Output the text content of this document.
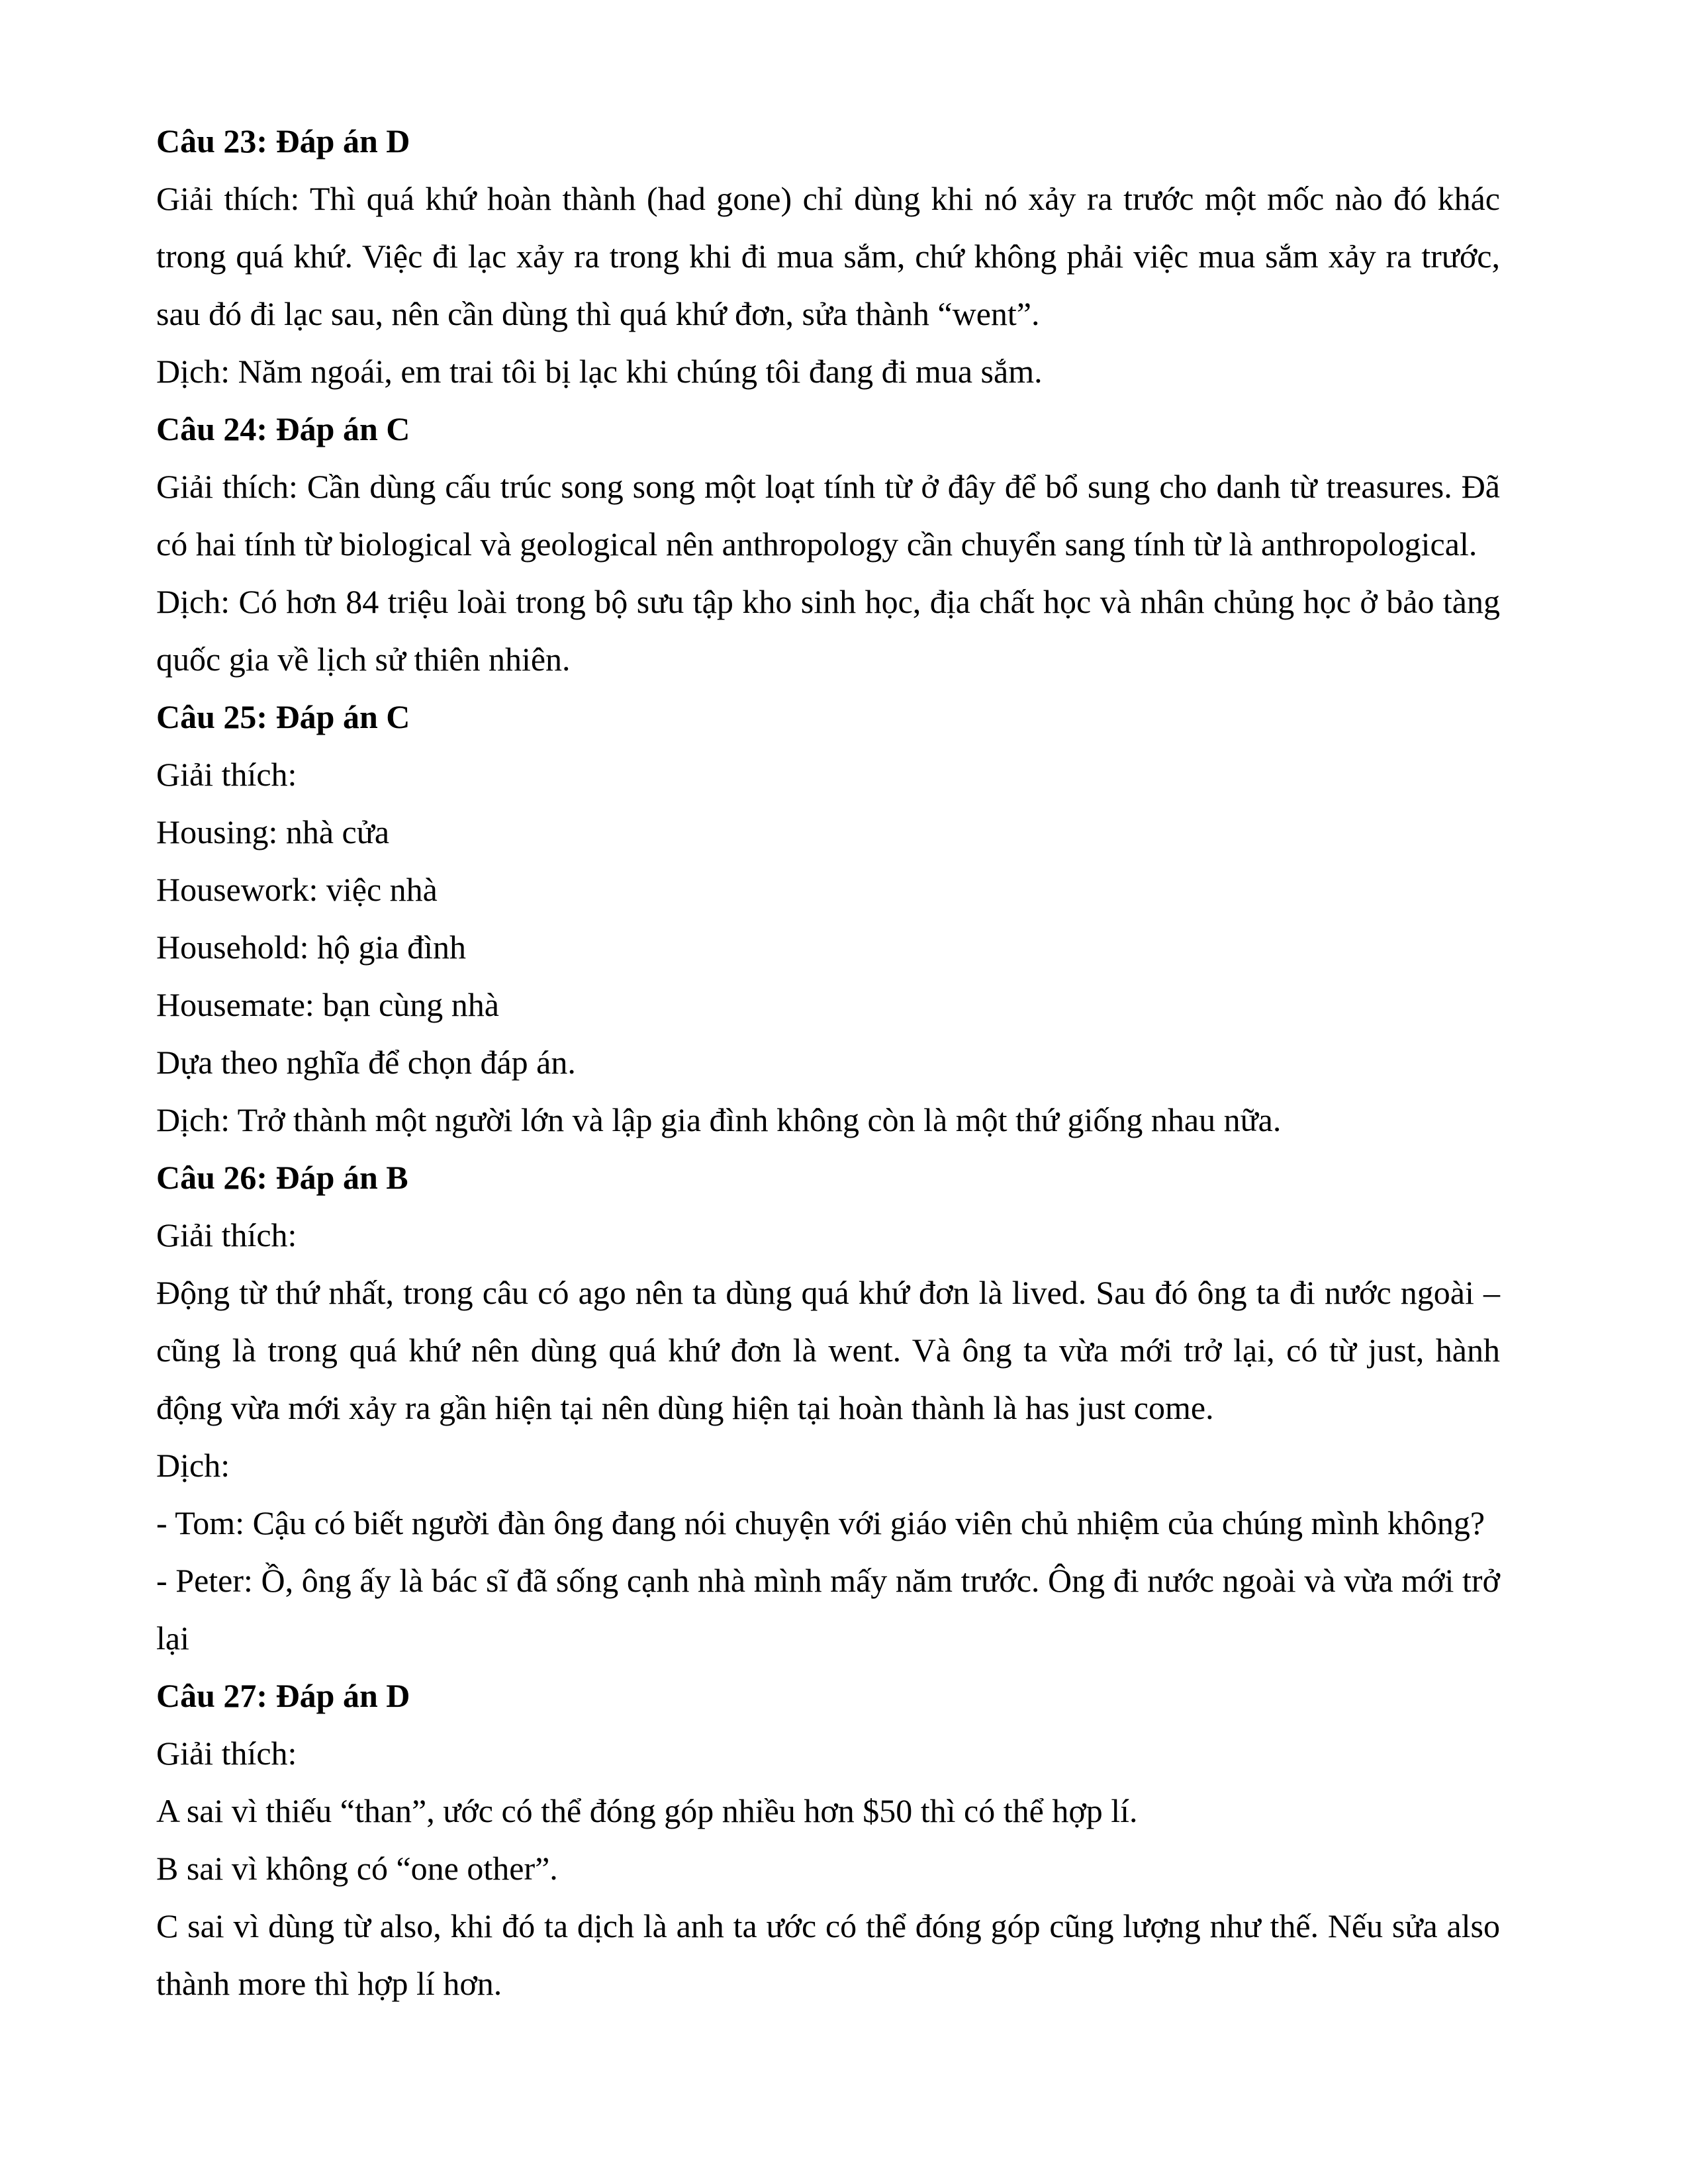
Câu 23: Đáp án D

Giải thích: Thì quá khứ hoàn thành (had gone) chỉ dùng khi nó xảy ra trước một mốc nào đó khác trong quá khứ. Việc đi lạc xảy ra trong khi đi mua sắm, chứ không phải việc mua sắm xảy ra trước, sau đó đi lạc sau, nên cần dùng thì quá khứ đơn, sửa thành “went”.

Dịch: Năm ngoái, em trai tôi bị lạc khi chúng tôi đang đi mua sắm.

Câu 24: Đáp án C

Giải thích: Cần dùng cấu trúc song song một loạt tính từ ở đây để bổ sung cho danh từ treasures. Đã có hai tính từ biological và geological nên anthropology cần chuyển sang tính từ là anthropological.

Dịch: Có hơn 84 triệu loài trong bộ sưu tập kho sinh học, địa chất học và nhân chủng học ở bảo tàng quốc gia về lịch sử thiên nhiên.

Câu 25: Đáp án C

Giải thích:

Housing: nhà cửa

Housework: việc nhà

Household: hộ gia đình

Housemate: bạn cùng nhà

Dựa theo nghĩa để chọn đáp án.

Dịch: Trở thành một người lớn và lập gia đình không còn là một thứ giống nhau nữa.

Câu 26: Đáp án B

Giải thích:

Động từ thứ nhất, trong câu có ago nên ta dùng quá khứ đơn là lived. Sau đó ông ta đi nước ngoài – cũng là trong quá khứ nên dùng quá khứ đơn là went. Và ông ta vừa mới trở lại, có từ just, hành động vừa mới xảy ra gần hiện tại nên dùng hiện tại hoàn thành là has just come.

Dịch:

- Tom: Cậu có biết người đàn ông đang nói chuyện với giáo viên chủ nhiệm của chúng mình không?

- Peter: Ồ, ông ấy là bác sĩ đã sống cạnh nhà mình mấy năm trước. Ông đi nước ngoài và vừa mới trở lại

Câu 27: Đáp án D

Giải thích:

A sai vì thiếu “than”, ước có thể đóng góp nhiều hơn $50 thì có thể hợp lí.

B sai vì không có “one other”.

C sai vì dùng từ also, khi đó ta dịch là anh ta ước có thể đóng góp cũng lượng như thế. Nếu sửa also thành more thì hợp lí hơn.
